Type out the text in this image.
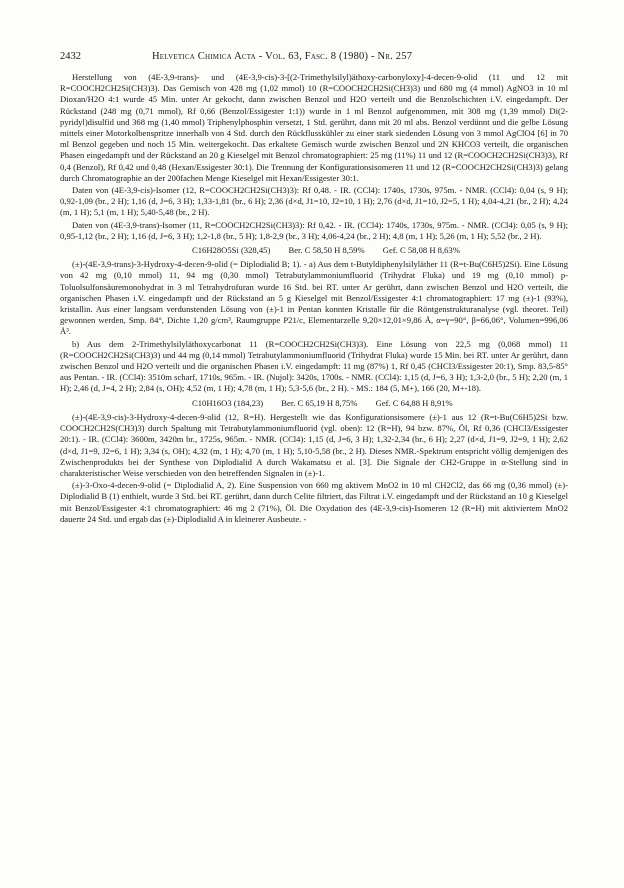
2432	Helvetica Chimica Acta - Vol. 63, Fasc. 8 (1980) - Nr. 257

Herstellung von (4E-3,9-trans)- und (4E-3,9-cis)-3-[(2-Trimethylsilyl)äthoxy-carbonyloxy]-4-decen-9-olid (11 und 12 mit R=COOCH2CH2Si(CH3)3). Das Gemisch von 428 mg (1,02 mmol) 10 (R=COOCH2CH2Si(CH3)3) und 680 mg (4 mmol) AgNO3 in 10 ml Dioxan/H2O 4:1 wurde 45 Min. unter Ar gekocht, dann zwischen Benzol und H2O verteilt und die Benzolschichten i.V. eingedampft. Der Rückstand (248 mg (0,71 mmol), Rf 0,66 (Benzol/Essigester 1:1)) wurde in 1 ml Benzol aufgenommen, mit 308 mg (1,39 mmol) Di(2-pyridyl)disulfid und 368 mg (1,40 mmol) Triphenylphosphin versetzt, 1 Std. gerührt, dann mit 20 ml abs. Benzol verdünnt und die gelbe Lösung mittels einer Motorkolbenspritze innerhalb von 4 Std. durch den Rückflusskühler zu einer stark siedenden Lösung von 3 mmol AgClO4 [6] in 70 ml Benzol gegeben und noch 15 Min. weitergekocht. Das erkaltete Gemisch wurde zwischen Benzol und 2N KHCO3 verteilt, die organischen Phasen eingedampft und der Rückstand an 20 g Kieselgel mit Benzol chromatographiert: 25 mg (11%) 11 und 12 (R=COOCH2CH2Si(CH3)3), Rf 0,4 (Benzol), Rf 0,42 und 0,48 (Hexan/Essigester 30:1). Die Trennung der Konfigurationsisomeren 11 und 12 (R=COOCH2CH2Si(CH3)3) gelang durch Chromatographie an der 200fachen Menge Kieselgel mit Hexan/Essigester 30:1.

Daten von (4E-3,9-cis)-Isomer (12, R=COOCH2CH2Si(CH3)3): Rf 0,48. - IR. (CCl4): 1740s, 1730s, 975m. - NMR. (CCl4): 0,04 (s, 9 H); 0,92-1,09 (br., 2 H); 1,16 (d, J=6, 3 H); 1,33-1,81 (br., 6 H); 2,36 (d×d, J1=10, J2=10, 1 H); 2,76 (d×d, J1=10, J2=5, 1 H); 4,04-4,21 (br., 2 H); 4,24 (m, 1 H); 5,1 (m, 1 H); 5,40-5,48 (br., 2 H).

Daten von (4E-3,9-trans)-Isomer (11, R=COOCH2CH2Si(CH3)3): Rf 0,42. - IR. (CCl4): 1740s, 1730s, 975m. - NMR. (CCl4): 0,05 (s, 9 H); 0,95-1,12 (br., 2 H); 1,16 (d, J=6, 3 H); 1,2-1,8 (br., 5 H); 1,8-2,9 (br., 3 H); 4,06-4,24 (br., 2 H); 4,8 (m, 1 H); 5,26 (m, 1 H); 5,52 (br., 2 H).

C16H28O5Si (328,45) Ber. C 58,50 H 8,59% Gef. C 58,08 H 8,63%

(±)-(4E-3,9-trans)-3-Hydroxy-4-decen-9-olid (= Diplodialid B; 1). - a) Aus dem t-Butyldiphenylsilyläther 11 (R=t-Bu(C6H5)2Si). Eine Lösung von 42 mg (0,10 mmol) 11, 94 mg (0,30 mmol) Tetrabutylammoniumfluorid (Trihydrat Fluka) und 19 mg (0,10 mmol) p-Toluolsulfonsäuremonohydrat in 3 ml Tetrahydrofuran wurde 16 Std. bei RT. unter Ar gerührt, dann zwischen Benzol und H2O verteilt, die organischen Phasen i.V. eingedampft und der Rückstand an 5 g Kieselgel mit Benzol/Essigester 4:1 chromatographiert: 17 mg (±)-1 (93%), kristallin. Aus einer langsam verdunstenden Lösung von (±)-1 in Pentan konnten Kristalle für die Röntgenstrukturanalyse (vgl. theoret. Teil) gewonnen werden, Smp. 84°, Dichte 1,20 g/cm³, Raumgruppe P21/c, Elementarzelle 9,20×12,01×9,86 Å, α=γ=90°, β=66,06°, Volumen=996,06 Å³.

b) Aus dem 2-Trimethylsilyläthoxycarbonat 11 (R=COOCH2CH2Si(CH3)3). Eine Lösung von 22,5 mg (0,068 mmol) 11 (R=COOCH2CH2Si(CH3)3) und 44 mg (0,14 mmol) Tetrabutylammoniumfluorid (Trihydrat Fluka) wurde 15 Min. bei RT. unter Ar gerührt, dann zwischen Benzol und H2O verteilt und die organischen Phasen i.V. eingedampft: 11 mg (87%) 1, Rf 0,45 (CHCl3/Essigester 20:1), Smp. 83,5-85° aus Pentan. - IR. (CCl4): 3510m scharf, 1710s, 965m. - IR. (Nujol): 3420s, 1700s. - NMR. (CCl4): 1,15 (d, J=6, 3 H); 1,3-2,0 (br., 5 H); 2,20 (m, 1 H); 2,46 (d, J=4, 2 H); 2,84 (s, OH); 4,52 (m, 1 H); 4,78 (m, 1 H); 5,3-5,6 (br., 2 H). - MS.: 184 (5, M+), 166 (20, M+-18).

C10H16O3 (184,23) Ber. C 65,19 H 8,75% Gef. C 64,88 H 8,91%

(±)-(4E-3,9-cis)-3-Hydroxy-4-decen-9-olid (12, R=H). Hergestellt wie das Konfigurationsisomere (±)-1 aus 12 (R=t-Bu(C6H5)2Si bzw. COOCH2CH2S(CH3)3) durch Spaltung mit Tetrabutylammoniumfluorid (vgl. oben): 12 (R=H), 94 bzw. 87%, Öl, Rf 0,36 (CHCl3/Essigester 20:1). - IR. (CCl4): 3600m, 3420m br., 1725s, 965m. - NMR. (CCl4): 1,15 (d, J=6, 3 H); 1,32-2,34 (br., 6 H); 2,27 (d×d, J1=9, J2=9, 1 H); 2,62 (d×d, J1=9, J2=6, 1 H); 3,34 (s, OH); 4,32 (m, 1 H); 4,70 (m, 1 H); 5,10-5,58 (br., 2 H). Dieses NMR.-Spektrum entspricht völlig demjenigen des Zwischenprodukts bei der Synthese von Diplodialid A durch Wakamatsu et al. [3]. Die Signale der CH2-Gruppe in α-Stellung sind in charakteristischer Weise verschieden von den betreffenden Signalen in (±)-1.

(±)-3-Oxo-4-decen-9-olid (= Diplodialid A, 2). Eine Suspension von 660 mg aktivem MnO2 in 10 ml CH2Cl2, das 66 mg (0,36 mmol) (±)-Diplodialid B (1) enthielt, wurde 3 Std. bei RT. gerührt, dann durch Celite filtriert, das Filtrat i.V. eingedampft und der Rückstand an 10 g Kieselgel mit Benzol/Essigester 4:1 chromatographiert: 46 mg 2 (71%), Öl. Die Oxydation des (4E-3,9-cis)-Isomeren 12 (R=H) mit aktiviertem MnO2 dauerte 24 Std. und ergab das (±)-Diplodialid A in kleinerer Ausbeute. -
